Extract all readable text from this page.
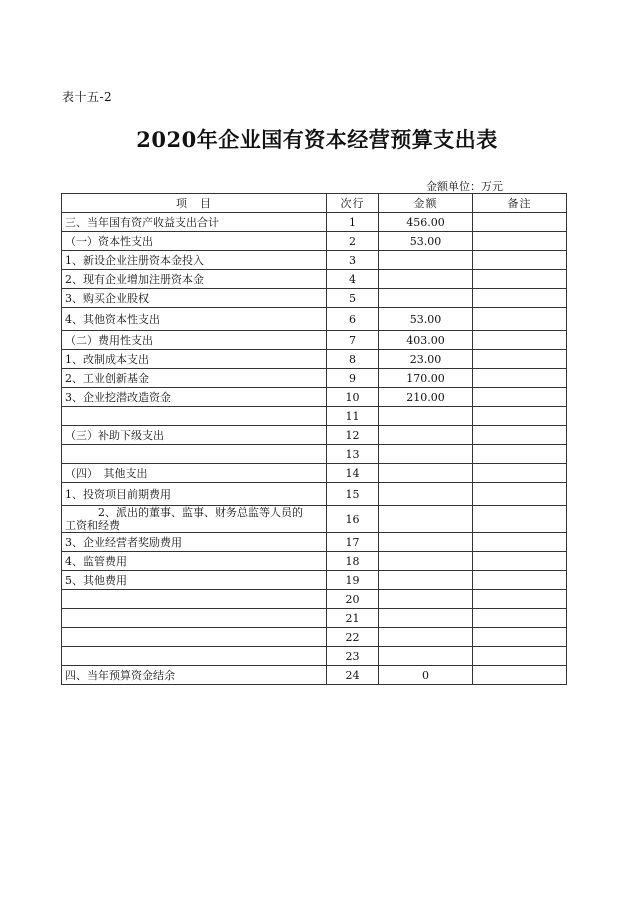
表十五-2
2020年企业国有资本经营预算支出表
金额单位：万元
项　目	次行	金额	备注
三、当年国有资产收益支出合计	1	456.00	
（一）资本性支出	2	53.00	
1、新设企业注册资本金投入	3		
2、现有企业增加注册资本金	4		
3、购买企业股权	5		
4、其他资本性支出	6	53.00	
（二）费用性支出	7	403.00	
1、改制成本支出	8	23.00	
2、工业创新基金	9	170.00	
3、企业挖潜改造资金	10	210.00	
	11		
（三）补助下级支出	12		
	13		
（四）　其他支出	14		
1、投资项目前期费用	15		

2、派出的董事、监事、财务总监等人员的
工资和经费	16		
3、企业经营者奖励费用	17		
4、监管费用	18		
5、其他费用	19		
	20		
	21		
	22		
	23		
四、当年预算资金结余	24	0	
